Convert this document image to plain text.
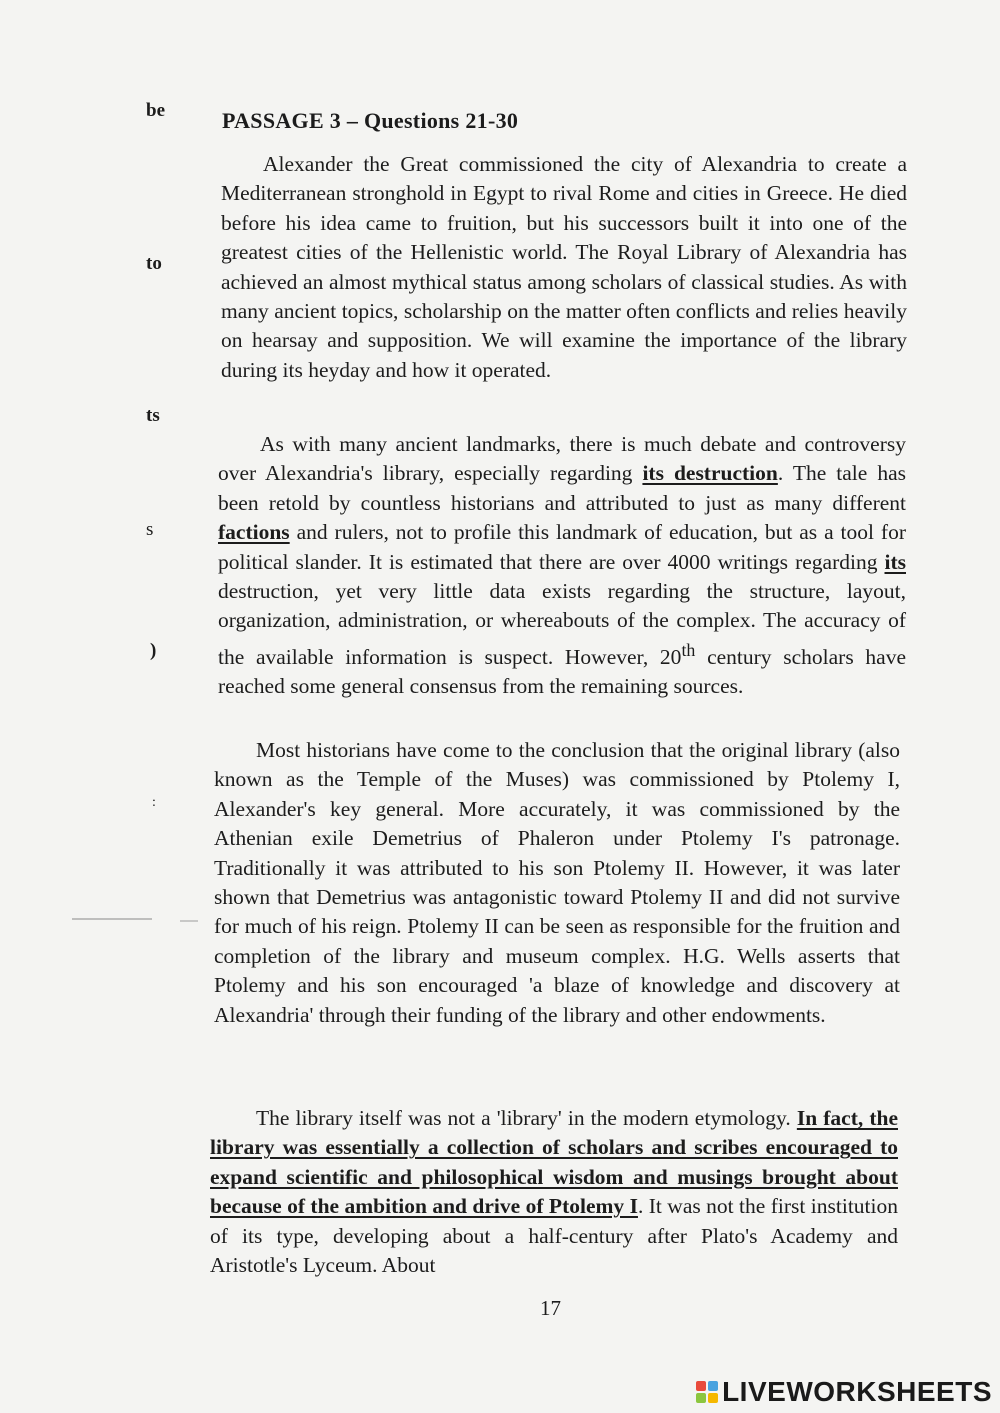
be
to
ts
s
)
:
PASSAGE 3 – Questions 21-30

Alexander the Great commissioned the city of Alexandria to create a Mediterranean stronghold in Egypt to rival Rome and cities in Greece. He died before his idea came to fruition, but his successors built it into one of the greatest cities of the Hellenistic world. The Royal Library of Alexandria has achieved an almost mythical status among scholars of classical studies. As with many ancient topics, scholarship on the matter often conflicts and relies heavily on hearsay and supposition. We will examine the importance of the library during its heyday and how it operated.

As with many ancient landmarks, there is much debate and controversy over Alexandria's library, especially regarding its destruction. The tale has been retold by countless historians and attributed to just as many different factions and rulers, not to profile this landmark of education, but as a tool for political slander. It is estimated that there are over 4000 writings regarding its destruction, yet very little data exists regarding the structure, layout, organization, administration, or whereabouts of the complex. The accuracy of the available information is suspect. However, 20th century scholars have reached some general consensus from the remaining sources.

Most historians have come to the conclusion that the original library (also known as the Temple of the Muses) was commissioned by Ptolemy I, Alexander's key general. More accurately, it was commissioned by the Athenian exile Demetrius of Phaleron under Ptolemy I's patronage. Traditionally it was attributed to his son Ptolemy II. However, it was later shown that Demetrius was antagonistic toward Ptolemy II and did not survive for much of his reign. Ptolemy II can be seen as responsible for the fruition and completion of the library and museum complex. H.G. Wells asserts that Ptolemy and his son encouraged 'a blaze of knowledge and discovery at Alexandria' through their funding of the library and other endowments.

The library itself was not a 'library' in the modern etymology. In fact, the library was essentially a collection of scholars and scribes encouraged to expand scientific and philosophical wisdom and musings brought about because of the ambition and drive of Ptolemy I. It was not the first institution of its type, developing about a half-century after Plato's Academy and Aristotle's Lyceum. About

17
LIVEWORKSHEETS
